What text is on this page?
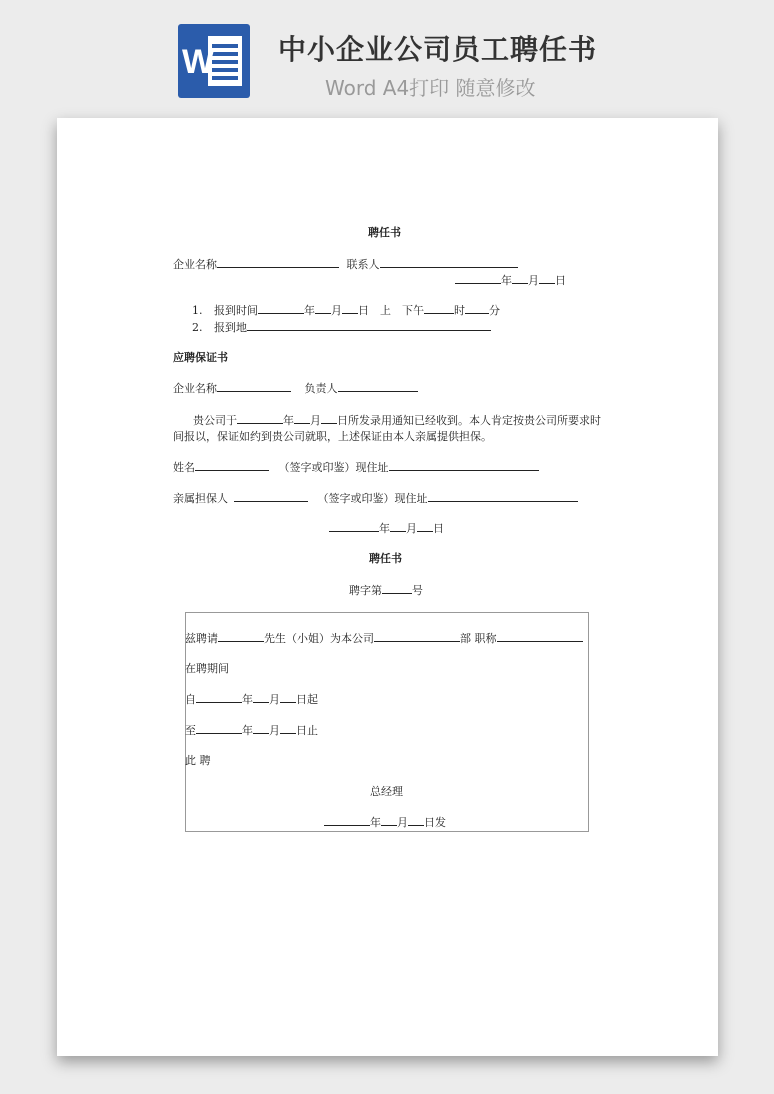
W 中小企业公司员工聘任书
Word A4打印 随意修改
聘任书
企业名称	联系人
年 月 日
1. 报到时间	年 月 日　上　下午	时 分
2. 报到地
应聘保证书
企业名称	负责人
贵公司于	年 月 日所发录用通知已经收到。本人肯定按贵公司所要求时
间报以，保证如约到贵公司就职，上述保证由本人亲属提供担保。
姓名	（签字或印鉴）现住址
亲属担保人	（签字或印鉴）现住址
年 月 日
聘任书
聘字第	号
兹聘请	先生（小姐）为本公司	部 职称
在聘期间
自	年 月 日起
至	年 月 日止
此 聘
总经理
年 月 日发
